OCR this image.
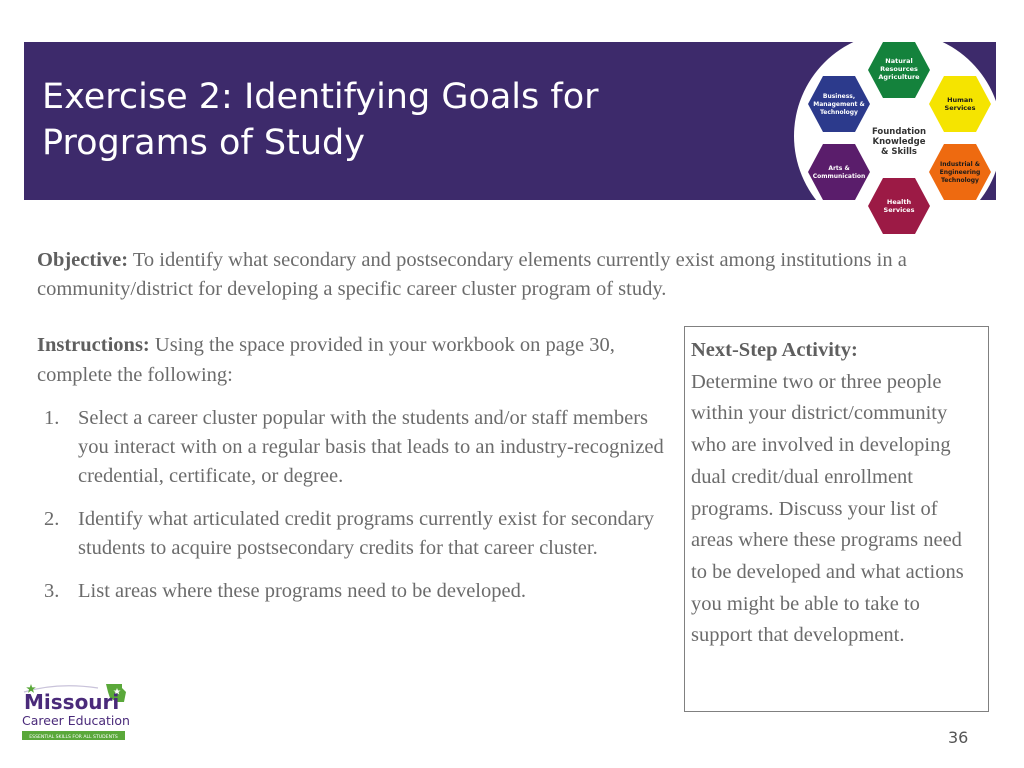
Exercise 2: Identifying Goals for
Programs of Study
Natural
Resources
Agriculture
Human
Services
Industrial &
Engineering
Technology
Health
Services
Arts &
Communication
Business,
Management &
Technology
Foundation
Knowledge
& Skills
Objective: To identify what secondary and postsecondary elements currently exist among institutions in a community/district for developing a specific career cluster program of study.
Instructions: Using the space provided in your workbook on page 30, complete the following:
1. Select a career cluster popular with the students and/or staff members you interact with on a regular basis that leads to an industry-recognized credential, certificate, or degree.
2. Identify what articulated credit programs currently exist for secondary students to acquire postsecondary credits for that career cluster.
3. List areas where these programs need to be developed.
Next-Step Activity:
Determine two or three people within your district/community who are involved in developing dual credit/dual enrollment programs. Discuss your list of areas where these programs need to be developed and what actions you might be able to take to support that development.
Missouri
Career Education
ESSENTIAL SKILLS FOR ALL STUDENTS	36
